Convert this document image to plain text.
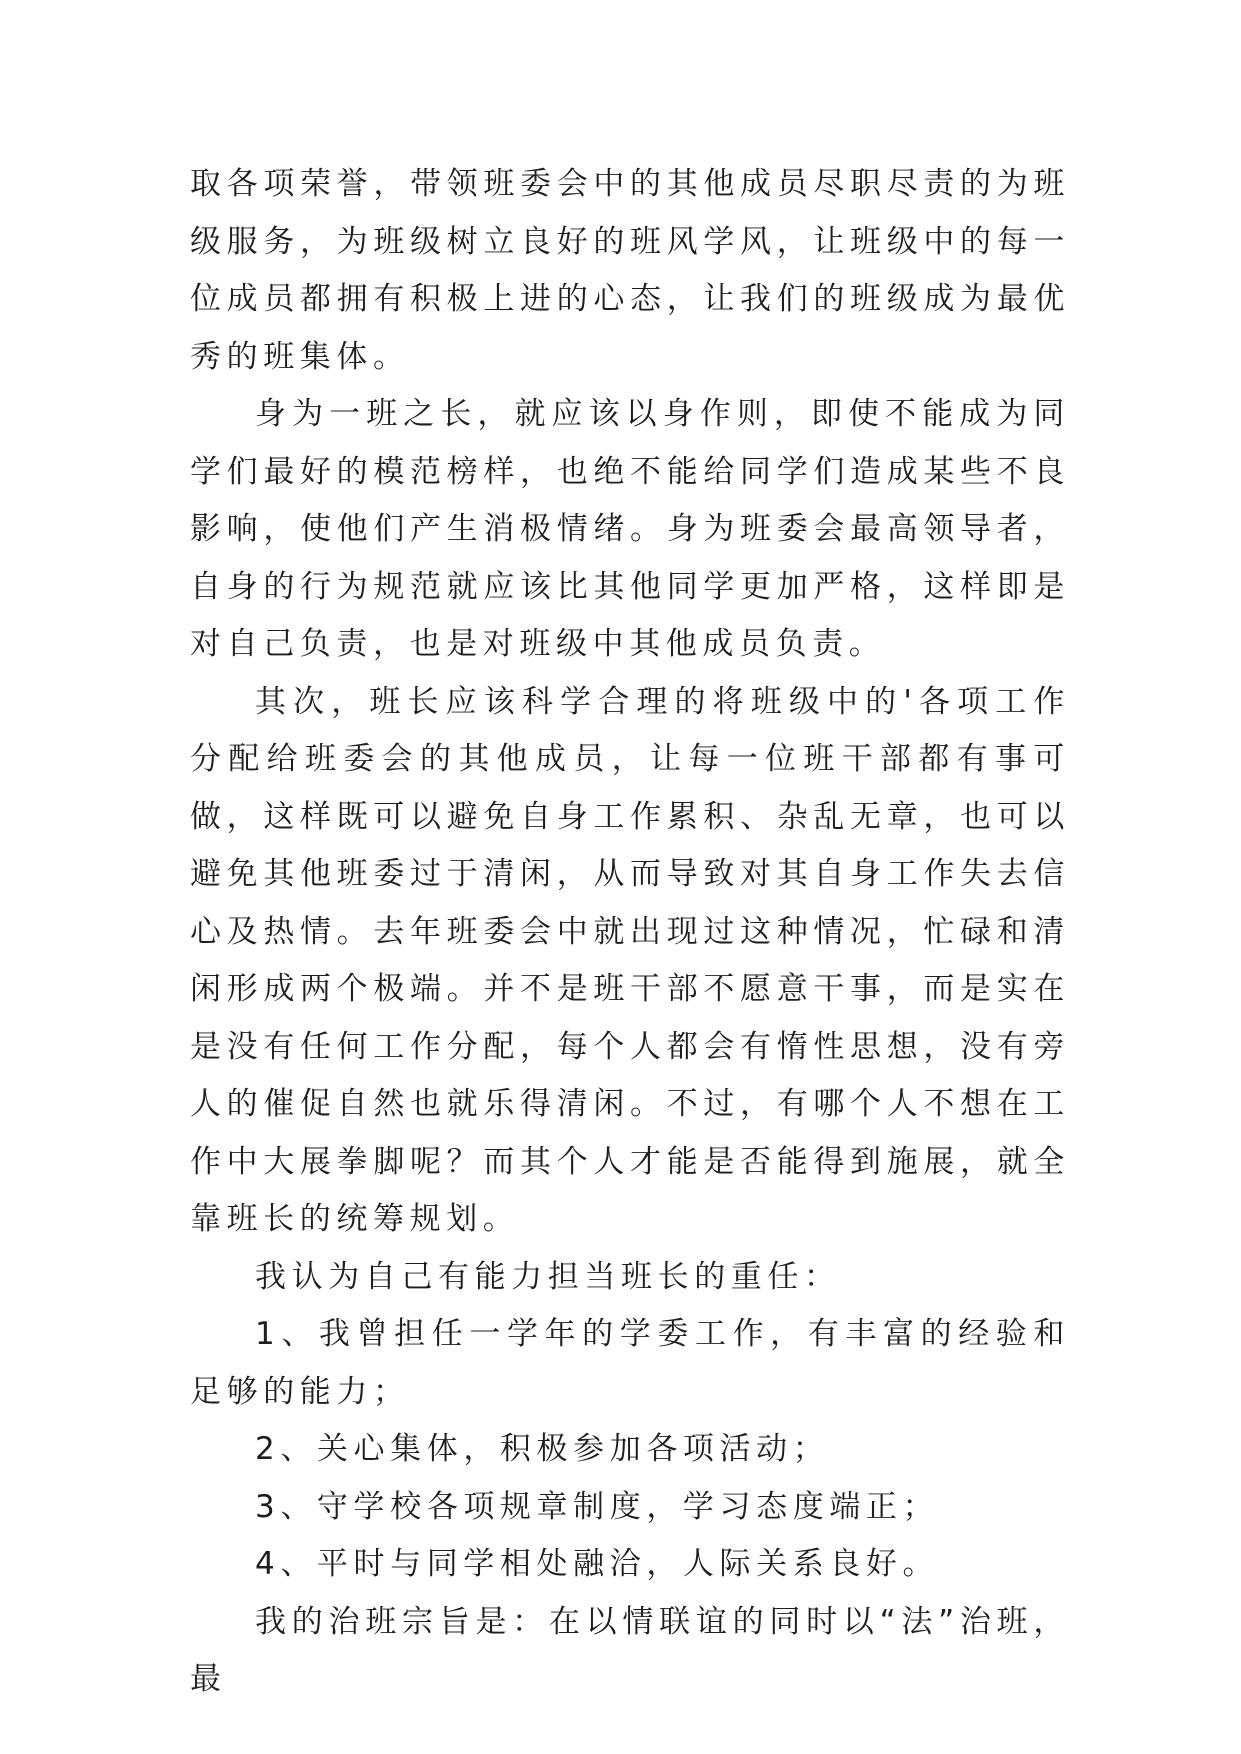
取各项荣誉，带领班委会中的其他成员尽职尽责的为班级服务，为班级树立良好的班风学风，让班级中的每一位成员都拥有积极上进的心态，让我们的班级成为最优秀的班集体。

身为一班之长，就应该以身作则，即使不能成为同学们最好的模范榜样，也绝不能给同学们造成某些不良影响，使他们产生消极情绪。身为班委会最高领导者，自身的行为规范就应该比其他同学更加严格，这样即是对自己负责，也是对班级中其他成员负责。

其次，班长应该科学合理的将班级中的'各项工作分配给班委会的其他成员，让每一位班干部都有事可做，这样既可以避免自身工作累积、杂乱无章，也可以避免其他班委过于清闲，从而导致对其自身工作失去信心及热情。去年班委会中就出现过这种情况，忙碌和清闲形成两个极端。并不是班干部不愿意干事，而是实在是没有任何工作分配，每个人都会有惰性思想，没有旁人的催促自然也就乐得清闲。不过，有哪个人不想在工作中大展拳脚呢？而其个人才能是否能得到施展，就全靠班长的统筹规划。

我认为自己有能力担当班长的重任：

1、我曾担任一学年的学委工作，有丰富的经验和足够的能力；

2、关心集体，积极参加各项活动；

3、守学校各项规章制度，学习态度端正；

4、平时与同学相处融洽，人际关系良好。

我的治班宗旨是：在以情联谊的同时以“法”治班，最
